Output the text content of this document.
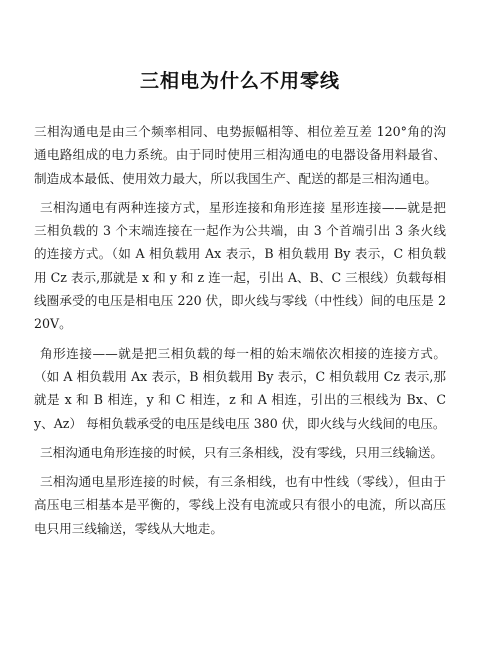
三相电为什么不用零线

三相沟通电是由三个频率相同、电势振幅相等、相位差互差 120°角的沟通电路组成的电力系统。由于同时使用三相沟通电的电器设备用料最省、制造成本最低、使用效力最大，所以我国生产、配送的都是三相沟通电。

三相沟通电有两种连接方式，星形连接和角形连接 星形连接——就是把三相负载的 3 个末端连接在一起作为公共端，由 3 个首端引出 3 条火线的连接方式。（如 A 相负载用 Ax 表示，B 相负载用 By 表示，C 相负载用 Cz 表示,那就是 x 和 y 和 z 连一起，引出 A、B、C 三根线）负载每相线圈承受的电压是相电压 220 伏，即火线与零线（中性线）间的电压是 220V。

角形连接——就是把三相负载的每一相的始末端依次相接的连接方式。（如 A 相负载用 Ax 表示，B 相负载用 By 表示，C 相负载用 Cz 表示,那就是 x 和 B 相连，y 和 C 相连，z 和 A 相连，引出的三根线为 Bx、Cy、Az） 每相负载承受的电压是线电压 380 伏，即火线与火线间的电压。

三相沟通电角形连接的时候，只有三条相线，没有零线，只用三线输送。

三相沟通电星形连接的时候，有三条相线，也有中性线（零线），但由于高压电三相基本是平衡的，零线上没有电流或只有很小的电流，所以高压电只用三线输送，零线从大地走。
